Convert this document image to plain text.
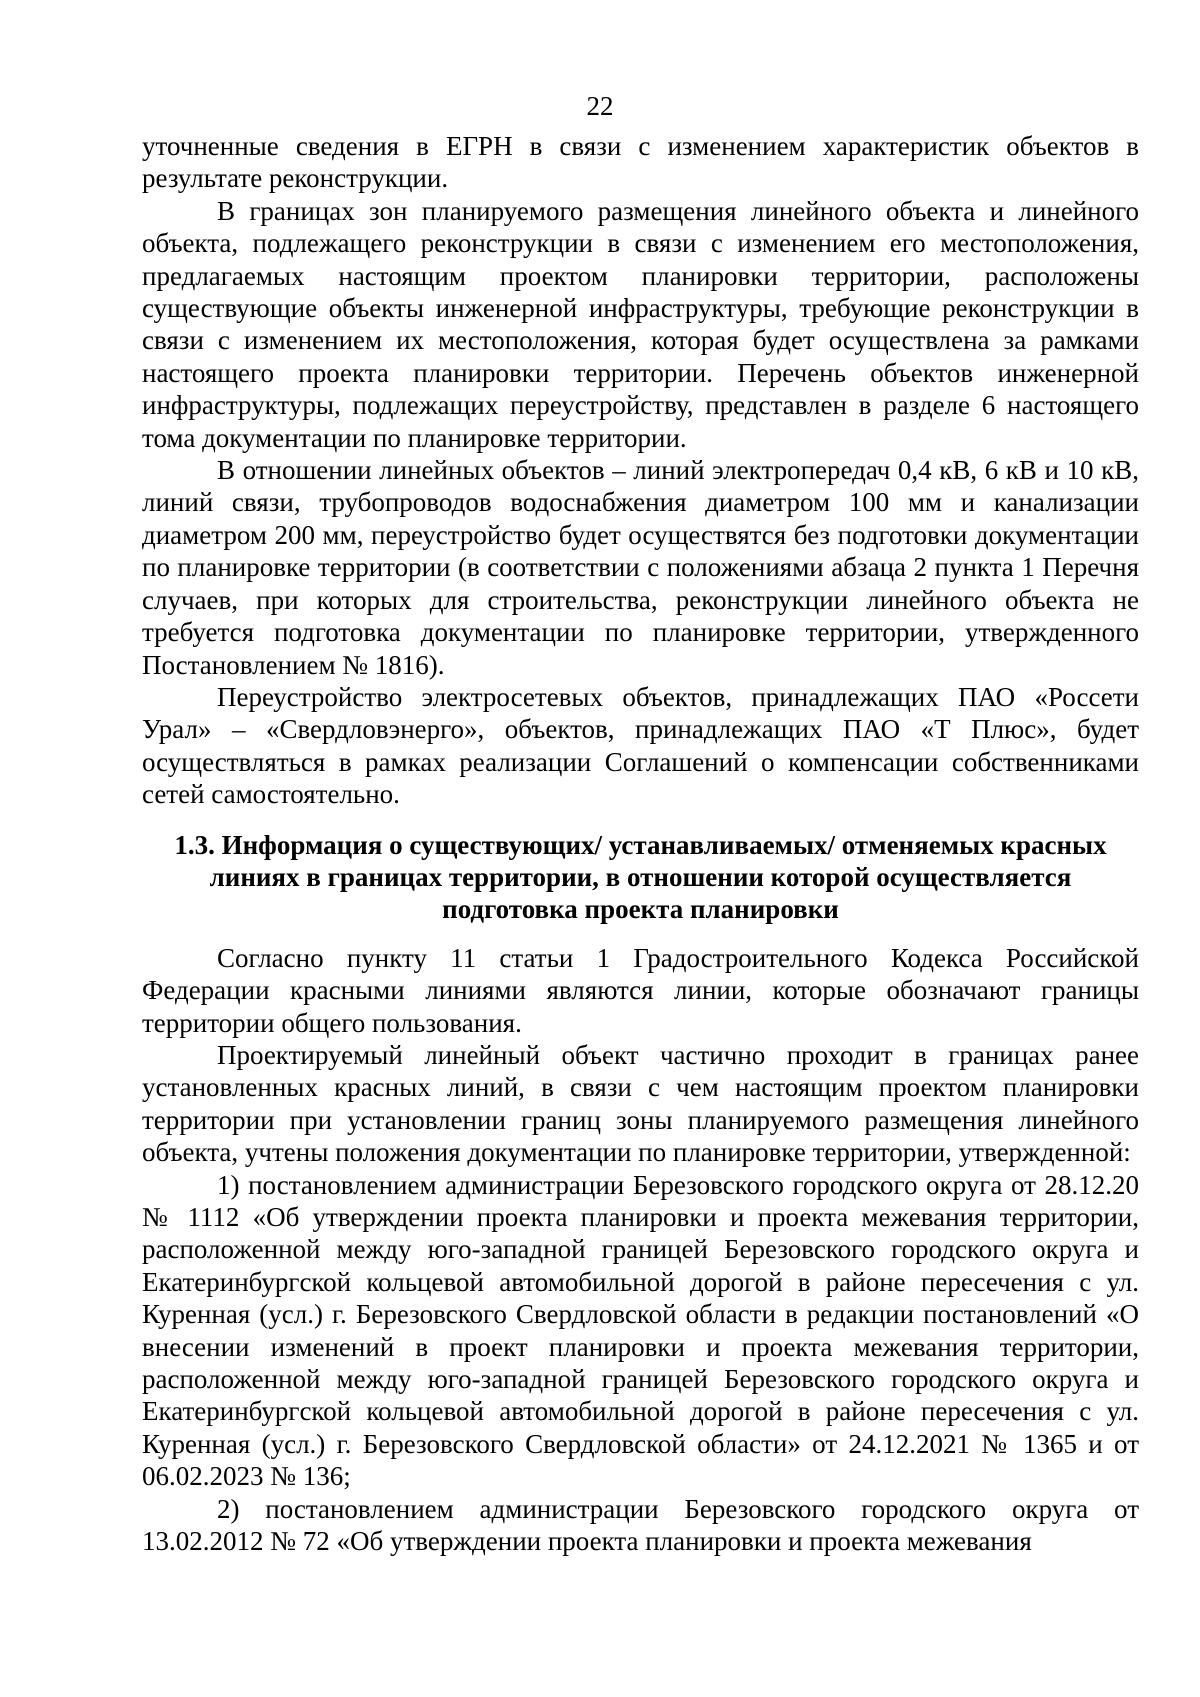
22

уточненные сведения в ЕГРН в связи с изменением характеристик объектов в результате реконструкции.

В границах зон планируемого размещения линейного объекта и линейного объекта, подлежащего реконструкции в связи с изменением его местоположения, предлагаемых настоящим проектом планировки территории, расположены существующие объекты инженерной инфраструктуры, требующие реконструкции в связи с изменением их местоположения, которая будет осуществлена за рамками настоящего проекта планировки территории. Перечень объектов инженерной инфраструктуры, подлежащих переустройству, представлен в разделе 6 настоящего тома документации по планировке территории.

В отношении линейных объектов – линий электропередач 0,4 кВ, 6 кВ и 10 кВ, линий связи, трубопроводов водоснабжения диаметром 100 мм и канализации диаметром 200 мм, переустройство будет осуществятся без подготовки документации по планировке территории (в соответствии с положениями абзаца 2 пункта 1 Перечня случаев, при которых для строительства, реконструкции линейного объекта не требуется подготовка документации по планировке территории, утвержденного Постановлением № 1816).

Переустройство электросетевых объектов, принадлежащих ПАО «Россети Урал» – «Свердловэнерго», объектов, принадлежащих ПАО «Т Плюс», будет осуществляться в рамках реализации Соглашений о компенсации собственниками сетей самостоятельно.

1.3. Информация о существующих/ устанавливаемых/ отменяемых красных линиях в границах территории, в отношении которой осуществляется подготовка проекта планировки

Согласно пункту 11 статьи 1 Градостроительного Кодекса Российской Федерации красными линиями являются линии, которые обозначают границы территории общего пользования.

Проектируемый линейный объект частично проходит в границах ранее установленных красных линий, в связи с чем настоящим проектом планировки территории при установлении границ зоны планируемого размещения линейного объекта, учтены положения документации по планировке территории, утвержденной:

1) постановлением администрации Березовского городского округа от 28.12.20 № 1112 «Об утверждении проекта планировки и проекта межевания территории, расположенной между юго-западной границей Березовского городского округа и Екатеринбургской кольцевой автомобильной дорогой в районе пересечения с ул. Куренная (усл.) г. Березовского Свердловской области в редакции постановлений «О внесении изменений в проект планировки и проекта межевания территории, расположенной между юго-западной границей Березовского городского округа и Екатеринбургской кольцевой автомобильной дорогой в районе пересечения с ул. Куренная (усл.) г. Березовского Свердловской области» от 24.12.2021 № 1365 и от 06.02.2023 № 136;

2) постановлением администрации Березовского городского округа от 13.02.2012 № 72 «Об утверждении проекта планировки и проекта межевания
